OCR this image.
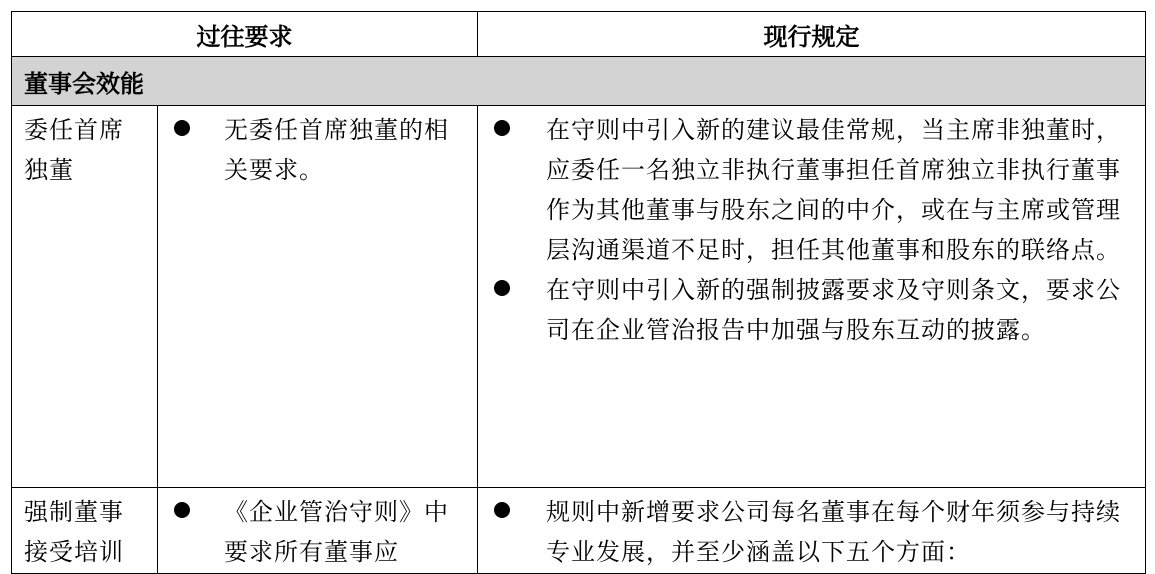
过往要求		现行规定
董事会效能		

委任首席独董	无委任首席独董的相关要求。	在守则中引入新的建议最佳常规，当主席非独董时，应委任一名独立非执行董事担任首席独立非执行董事作为其他董事与股东之间的中介，或在与主席或管理层沟通渠道不足时，担任其他董事和股东的联络点。
在守则中引入新的强制披露要求及守则条文，要求公司在企业管治报告中加强与股东互动的披露。

强制董事接受培训	《企业管治守则》中要求所有董事应	规则中新增要求公司每名董事在每个财年须参与持续专业发展，并至少涵盖以下五个方面：
